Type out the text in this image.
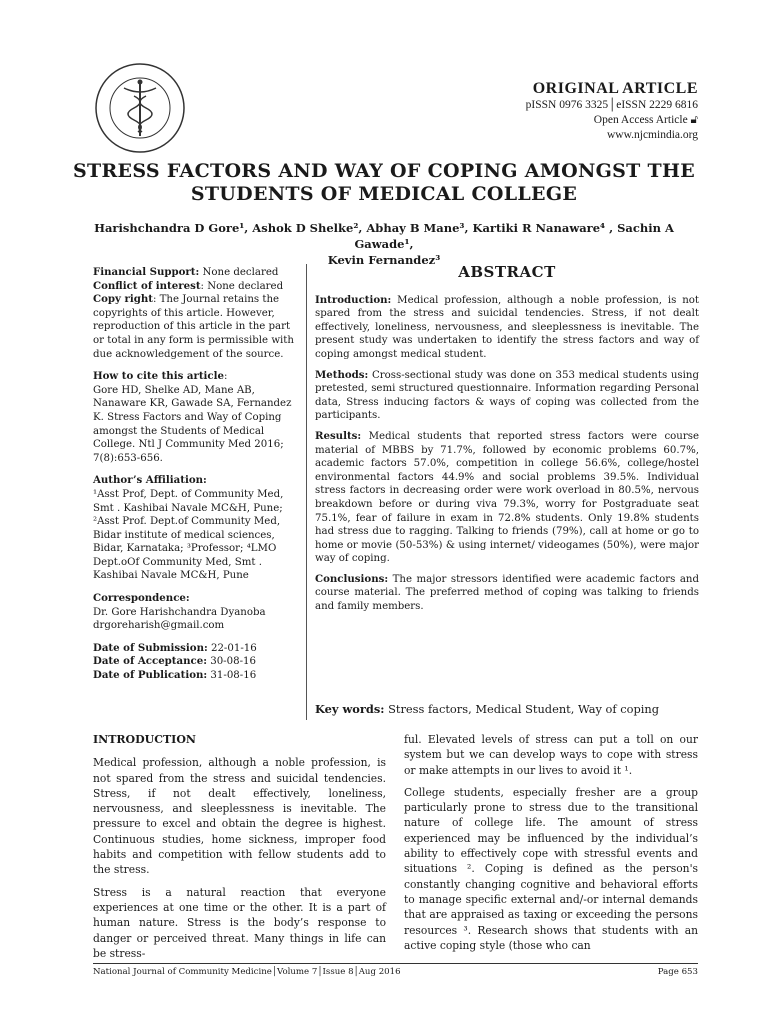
ORIGINAL ARTICLE
pISSN 0976 3325│eISSN 2229 6816
Open Access Article 🔓︎
www.njcmindia.org
STRESS FACTORS AND WAY OF COPING AMONGST THE STUDENTS OF MEDICAL COLLEGE
Harishchandra D Gore¹, Ashok D Shelke², Abhay B Mane³, Kartiki R Nanaware⁴ , Sachin A Gawade¹,
Kevin Fernandez³

Financial Support: None declared
Conflict of interest: None declared
Copy right: The Journal retains the copyrights of this article. However, reproduction of this article in the part or total in any form is permissible with due acknowledgement of the source.

How to cite this article:
Gore HD, Shelke AD, Mane AB, Nanaware KR, Gawade SA, Fernandez K. Stress Factors and Way of Coping amongst the Students of Medical College. Ntl J Community Med 2016; 7(8):653-656.

Author’s Affiliation:
¹Asst Prof, Dept. of Community Med, Smt . Kashibai Navale MC&H, Pune; ²Asst Prof. Dept.of Community Med, Bidar institute of medical sciences, Bidar, Karnataka; ³Professor; ⁴LMO Dept.oOf Community Med, Smt . Kashibai Navale MC&H, Pune

Correspondence:
Dr. Gore Harishchandra Dyanoba
drgoreharish@gmail.com

Date of Submission: 22-01-16
Date of Acceptance: 30-08-16
Date of Publication: 31-08-16

ABSTRACT

Introduction: Medical profession, although a noble profession, is not spared from the stress and suicidal tendencies. Stress, if not dealt effectively, loneliness, nervousness, and sleeplessness is inevitable. The present study was undertaken to identify the stress factors and way of coping amongst medical student.

Methods: Cross-sectional study was done on 353 medical students using pretested, semi structured questionnaire. Information regarding Personal data, Stress inducing factors & ways of coping was collected from the participants.

Results: Medical students that reported stress factors were course material of MBBS by 71.7%, followed by economic problems 60.7%, academic factors 57.0%, competition in college 56.6%, college/hostel environmental factors 44.9% and social problems 39.5%. Individual stress factors in decreasing order were work overload in 80.5%, nervous breakdown before or during viva 79.3%, worry for Postgraduate seat 75.1%, fear of failure in exam in 72.8% students. Only 19.8% students had stress due to ragging. Talking to friends (79%), call at home or go to home or movie (50-53%) & using internet/ videogames (50%), were major way of coping.

Conclusions: The major stressors identified were academic factors and course material. The preferred method of coping was talking to friends and family members.

Key words: Stress factors, Medical Student, Way of coping
INTRODUCTION

Medical profession, although a noble profession, is not spared from the stress and suicidal tendencies. Stress, if not dealt effectively, loneliness, nervousness, and sleeplessness is inevitable. The pressure to excel and obtain the degree is highest. Continuous studies, home sickness, improper food habits and competition with fellow students add to the stress.

Stress is a natural reaction that everyone experiences at one time or the other. It is a part of human nature. Stress is the body’s response to danger or perceived threat. Many things in life can be stress-

ful. Elevated levels of stress can put a toll on our system but we can develop ways to cope with stress or make attempts in our lives to avoid it ¹.

College students, especially fresher are a group particularly prone to stress due to the transitional nature of college life. The amount of stress experienced may be influenced by the individual’s ability to effectively cope with stressful events and situations ². Coping is defined as the person's constantly changing cognitive and behavioral efforts to manage specific external and/-or internal demands that are appraised as taxing or exceeding the persons resources ³. Research shows that students with an active coping style (those who can

National Journal of Community Medicine│Volume 7│Issue 8│Aug 2016	Page 653
